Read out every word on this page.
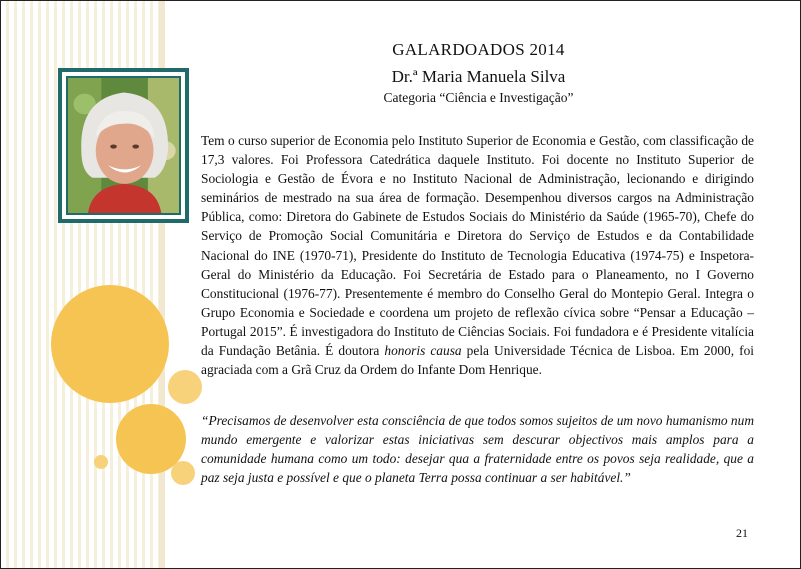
GALARDOADOS 2014
Dr.ª Maria Manuela Silva
Categoria “Ciência e Investigação”

Tem o curso superior de Economia pelo Instituto Superior de Economia e Gestão, com classificação de 17,3 valores. Foi Professora Catedrática daquele Instituto. Foi docente no Instituto Superior de Sociologia e Gestão de Évora e no Instituto Nacional de Administração, lecionando e dirigindo seminários de mestrado na sua área de formação. Desempenhou diversos cargos na Administração Pública, como: Diretora do Gabinete de Estudos Sociais do Ministério da Saúde (1965-70), Chefe do Serviço de Promoção Social Comunitária e Diretora do Serviço de Estudos e da Contabilidade Nacional do INE (1970-71), Presidente do Instituto de Tecnologia Educativa (1974-75) e Inspetora-Geral do Ministério da Educação. Foi Secretária de Estado para o Planeamento, no I Governo Constitucional (1976-77). Presentemente é membro do Conselho Geral do Montepio Geral. Integra o Grupo Economia e Sociedade e coordena um projeto de reflexão cívica sobre “Pensar a Educação – Portugal 2015”. É investigadora do Instituto de Ciências Sociais. Foi fundadora e é Presidente vitalícia da Fundação Betânia. É doutora honoris causa pela Universidade Técnica de Lisboa. Em 2000, foi agraciada com a Grã Cruz da Ordem do Infante Dom Henrique.

“Precisamos de desenvolver esta consciência de que todos somos sujeitos de um novo humanismo num mundo emergente e valorizar estas iniciativas sem descurar objectivos mais amplos para a comunidade humana como um todo: desejar qua a fraternidade entre os povos seja realidade, que a paz seja justa e possível e que o planeta Terra possa continuar a ser habitável.”

21
